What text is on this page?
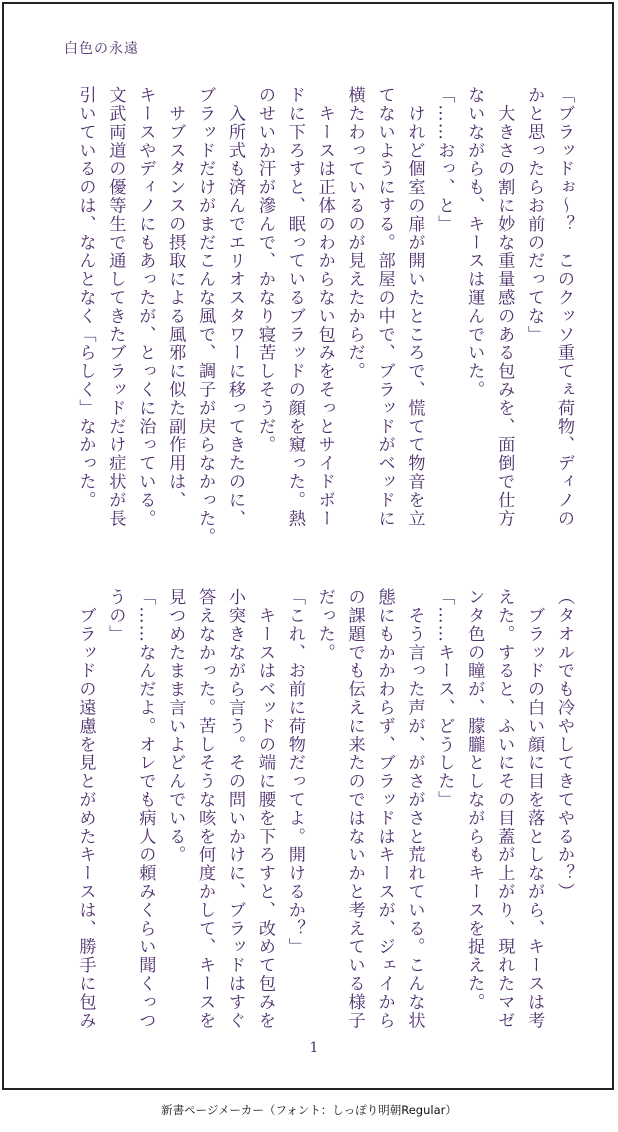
白色の永遠
「ブラッドぉ〜？　このクッソ重てぇ荷物、ディノの
かと思ったらお前のだってな」
　大きさの割に妙な重量感のある包みを、面倒で仕方
ないながらも、キースは運んでいた。
「……おっ、と」
　けれど個室の扉が開いたところで、慌てて物音を立
てないようにする。部屋の中で、ブラッドがベッドに
横たわっているのが見えたからだ。
　キースは正体のわからない包みをそっとサイドボー
ドに下ろすと、眠っているブラッドの顔を窺った。熱
のせいか汗が滲んで、かなり寝苦しそうだ。
　入所式も済んでエリオスタワーに移ってきたのに、
ブラッドだけがまだこんな風で、調子が戻らなかった。
　サブスタンスの摂取による風邪に似た副作用は、
キースやディノにもあったが、とっくに治っている。
文武両道の優等生で通してきたブラッドだけ症状が長
引いているのは、なんとなく「らしく」なかった。
（タオルでも冷やしてきてやるか？）
　ブラッドの白い顔に目を落としながら、キースは考
えた。すると、ふいにその目蓋が上がり、現れたマゼ
ンタ色の瞳が、朦朧としながらもキースを捉えた。
「……キース、どうした」
　そう言った声が、がさがさと荒れている。こんな状
態にもかかわらず、ブラッドはキースが、ジェイから
の課題でも伝えに来たのではないかと考えている様子
だった。
「これ、お前に荷物だってよ。開けるか？」
　キースはベッドの端に腰を下ろすと、改めて包みを
小突きながら言う。その問いかけに、ブラッドはすぐ
答えなかった。苦しそうな咳を何度かして、キースを
見つめたまま言いよどんでいる。
「……なんだよ。オレでも病人の頼みくらい聞くっつ
うの」
　ブラッドの遠慮を見とがめたキースは、勝手に包み
1
新書ページメーカー（フォント：しっぽり明朝Regular）
